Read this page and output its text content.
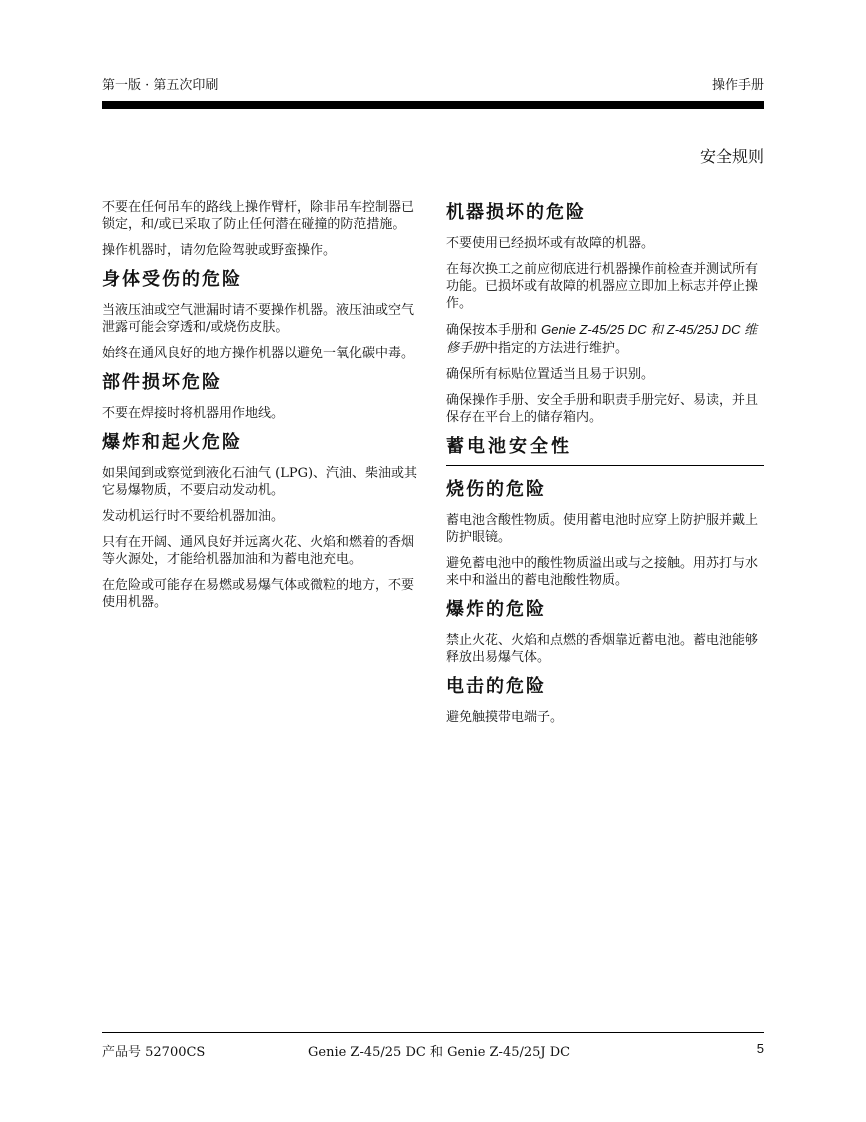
第一版 · 第五次印刷	操作手册
安全规则

不要在任何吊车的路线上操作臂杆，除非吊车控制器已锁定，和/或已采取了防止任何潜在碰撞的防范措施。

操作机器时，请勿危险驾驶或野蛮操作。

身体受伤的危险

当液压油或空气泄漏时请不要操作机器。液压油或空气泄露可能会穿透和/或烧伤皮肤。

始终在通风良好的地方操作机器以避免一氧化碳中毒。

部件损坏危险

不要在焊接时将机器用作地线。

爆炸和起火危险

如果闻到或察觉到液化石油气 (LPG)、汽油、柴油或其它易爆物质，不要启动发动机。

发动机运行时不要给机器加油。

只有在开阔、通风良好并远离火花、火焰和燃着的香烟等火源处，才能给机器加油和为蓄电池充电。

在危险或可能存在易燃或易爆气体或微粒的地方，不要使用机器。

机器损坏的危险

不要使用已经损坏或有故障的机器。

在每次换工之前应彻底进行机器操作前检查并测试所有功能。已损坏或有故障的机器应立即加上标志并停止操作。

确保按本手册和 Genie Z-45/25 DC 和 Z-45/25J DC 维修手册中指定的方法进行维护。

确保所有标贴位置适当且易于识别。

确保操作手册、安全手册和职责手册完好、易读，并且保存在平台上的储存箱内。

蓄电池安全性
烧伤的危险

蓄电池含酸性物质。使用蓄电池时应穿上防护服并戴上防护眼镜。

避免蓄电池中的酸性物质溢出或与之接触。用苏打与水来中和溢出的蓄电池酸性物质。

爆炸的危险

禁止火花、火焰和点燃的香烟靠近蓄电池。蓄电池能够释放出易爆气体。

电击的危险

避免触摸带电端子。

产品号 52700CS	Genie Z-45/25 DC 和 Genie Z-45/25J DC	5
